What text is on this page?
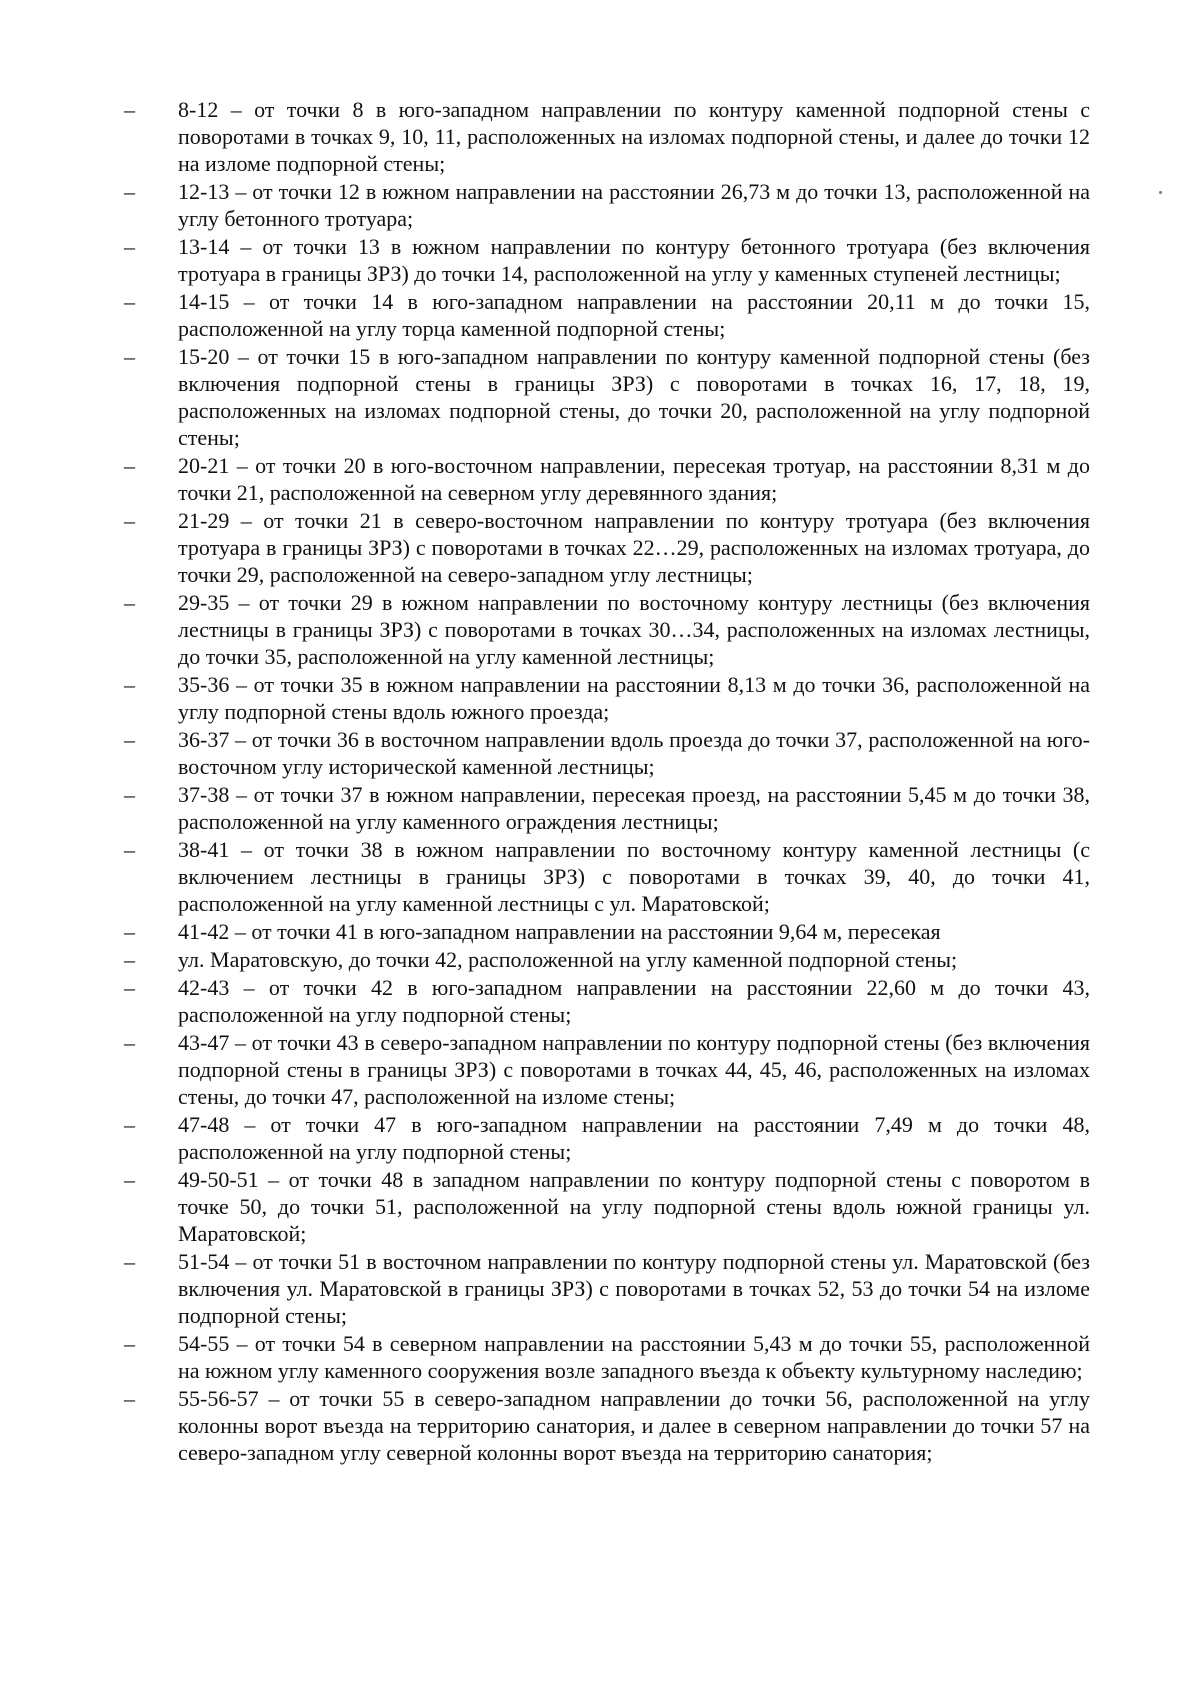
–	8-12 – от точки 8 в юго-западном направлении по контуру каменной подпорной стены с поворотами в точках 9, 10, 11, расположенных на изломах подпорной стены, и далее до точки 12 на изломе подпорной стены;
–	12-13 – от точки 12 в южном направлении на расстоянии 26,73 м до точки 13, расположенной на углу бетонного тротуара;
–	13-14 – от точки 13 в южном направлении по контуру бетонного тротуара (без включения тротуара в границы ЗРЗ) до точки 14, расположенной на углу у каменных ступеней лестницы;
–	14-15 – от точки 14 в юго-западном направлении на расстоянии 20,11 м до точки 15, расположенной на углу торца каменной подпорной стены;
–	15-20 – от точки 15 в юго-западном направлении по контуру каменной подпорной стены (без включения подпорной стены в границы ЗРЗ) с поворотами в точках 16, 17, 18, 19, расположенных на изломах подпорной стены, до точки 20, расположенной на углу подпорной стены;
–	20-21 – от точки 20 в юго-восточном направлении, пересекая тротуар, на расстоянии 8,31 м до точки 21, расположенной на северном углу деревянного здания;
–	21-29 – от точки 21 в северо-восточном направлении по контуру тротуара (без включения тротуара в границы ЗРЗ) с поворотами в точках 22…29, расположенных на изломах тротуара, до точки 29, расположенной на северо-западном углу лестницы;
–	29-35 – от точки 29 в южном направлении по восточному контуру лестницы (без включения лестницы в границы ЗРЗ) с поворотами в точках 30…34, расположенных на изломах лестницы, до точки 35, расположенной на углу каменной лестницы;
–	35-36 – от точки 35 в южном направлении на расстоянии 8,13 м до точки 36, расположенной на углу подпорной стены вдоль южного проезда;
–	36-37 – от точки 36 в восточном направлении вдоль проезда до точки 37, расположенной на юго-восточном углу исторической каменной лестницы;
–	37-38 – от точки 37 в южном направлении, пересекая проезд, на расстоянии 5,45 м до точки 38, расположенной на углу каменного ограждения лестницы;
–	38-41 – от точки 38 в южном направлении по восточному контуру каменной лестницы (с включением лестницы в границы ЗРЗ) с поворотами в точках 39, 40, до точки 41, расположенной на углу каменной лестницы с ул. Маратовской;
–	41-42 – от точки 41 в юго-западном направлении на расстоянии 9,64 м, пересекая
–	ул. Маратовскую, до точки 42, расположенной на углу каменной подпорной стены;
–	42-43 – от точки 42 в юго-западном направлении на расстоянии 22,60 м до точки 43, расположенной на углу подпорной стены;
–	43-47 – от точки 43 в северо-западном направлении по контуру подпорной стены (без включения подпорной стены в границы ЗРЗ) с поворотами в точках 44, 45, 46, расположенных на изломах стены, до точки 47, расположенной на изломе стены;
–	47-48 – от точки 47 в юго-западном направлении на расстоянии 7,49 м до точки 48, расположенной на углу подпорной стены;
–	49-50-51 – от точки 48 в западном направлении по контуру подпорной стены с поворотом в точке 50, до точки 51, расположенной на углу подпорной стены вдоль южной границы ул. Маратовской;
–	51-54 – от точки 51 в восточном направлении по контуру подпорной стены ул. Маратовской (без включения ул. Маратовской в границы ЗРЗ) с поворотами в точках 52, 53 до точки 54 на изломе подпорной стены;
–	54-55 – от точки 54 в северном направлении на расстоянии 5,43 м до точки 55, расположенной на южном углу каменного сооружения возле западного въезда к объекту культурному наследию;
–	55-56-57 – от точки 55 в северо-западном направлении до точки 56, расположенной на углу колонны ворот въезда на территорию санатория, и далее в северном направлении до точки 57 на северо-западном углу северной колонны ворот въезда на территорию санатория;
